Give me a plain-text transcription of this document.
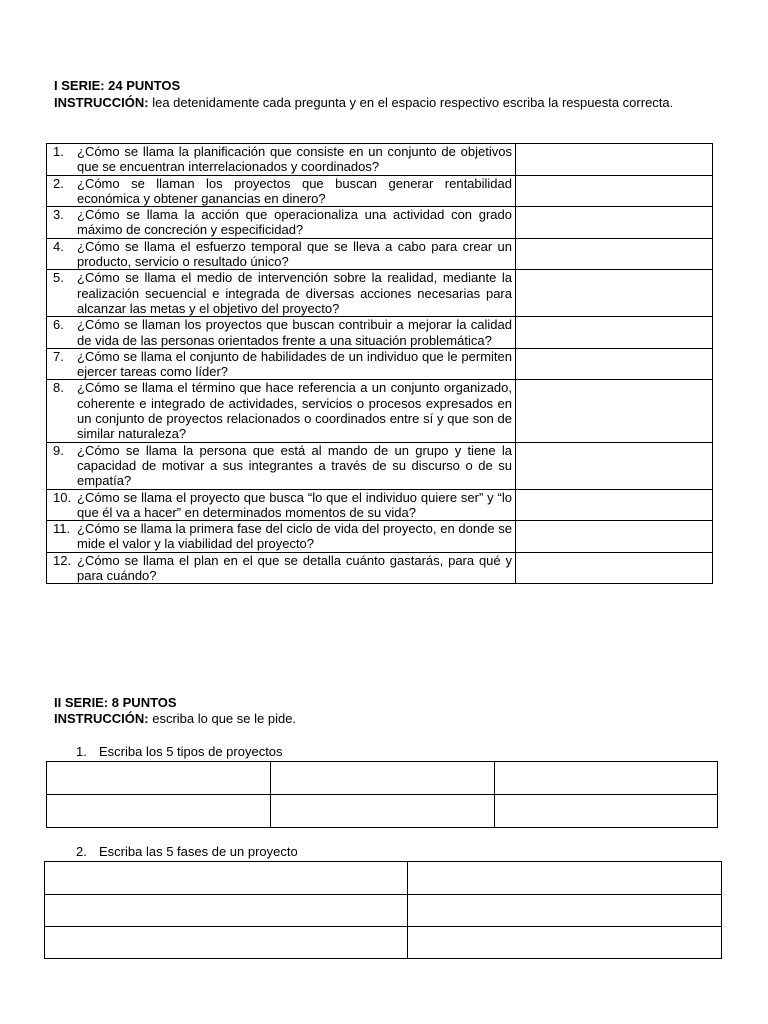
I SERIE: 24 PUNTOS
INSTRUCCIÓN: lea detenidamente cada pregunta y en el espacio respectivo escriba la respuesta correcta.
1. ¿Cómo se llama la planificación que consiste en un conjunto de objetivos que se encuentran interrelacionados y coordinados?	

2. ¿Cómo se llaman los proyectos que buscan generar rentabilidad económica y obtener ganancias en dinero?	

3. ¿Cómo se llama la acción que operacionaliza una actividad con grado máximo de concreción y especificidad?	

4. ¿Cómo se llama el esfuerzo temporal que se lleva a cabo para crear un producto, servicio o resultado único?	

5. ¿Cómo se llama el medio de intervención sobre la realidad, mediante la realización secuencial e integrada de diversas acciones necesarias para alcanzar las metas y el objetivo del proyecto?	

6. ¿Cómo se llaman los proyectos que buscan contribuir a mejorar la calidad de vida de las personas orientados frente a una situación problemática?	

7. ¿Cómo se llama el conjunto de habilidades de un individuo que le permiten ejercer tareas como líder?	

8. ¿Cómo se llama el término que hace referencia a un conjunto organizado, coherente e integrado de actividades, servicios o procesos expresados en un conjunto de proyectos relacionados o coordinados entre sí y que son de similar naturaleza?	

9. ¿Cómo se llama la persona que está al mando de un grupo y tiene la capacidad de motivar a sus integrantes a través de su discurso o de su empatía?	

10. ¿Cómo se llama el proyecto que busca “lo que el individuo quiere ser” y “lo que él va a hacer” en determinados momentos de su vida?	

11. ¿Cómo se llama la primera fase del ciclo de vida del proyecto, en donde se mide el valor y la viabilidad del proyecto?	

12. ¿Cómo se llama el plan en el que se detalla cuánto gastarás, para qué y para cuándo?	

II SERIE: 8 PUNTOS
INSTRUCCIÓN: escriba lo que se le pide.
1. Escriba los 5 tipos de proyectos

2. Escriba las 5 fases de un proyecto
